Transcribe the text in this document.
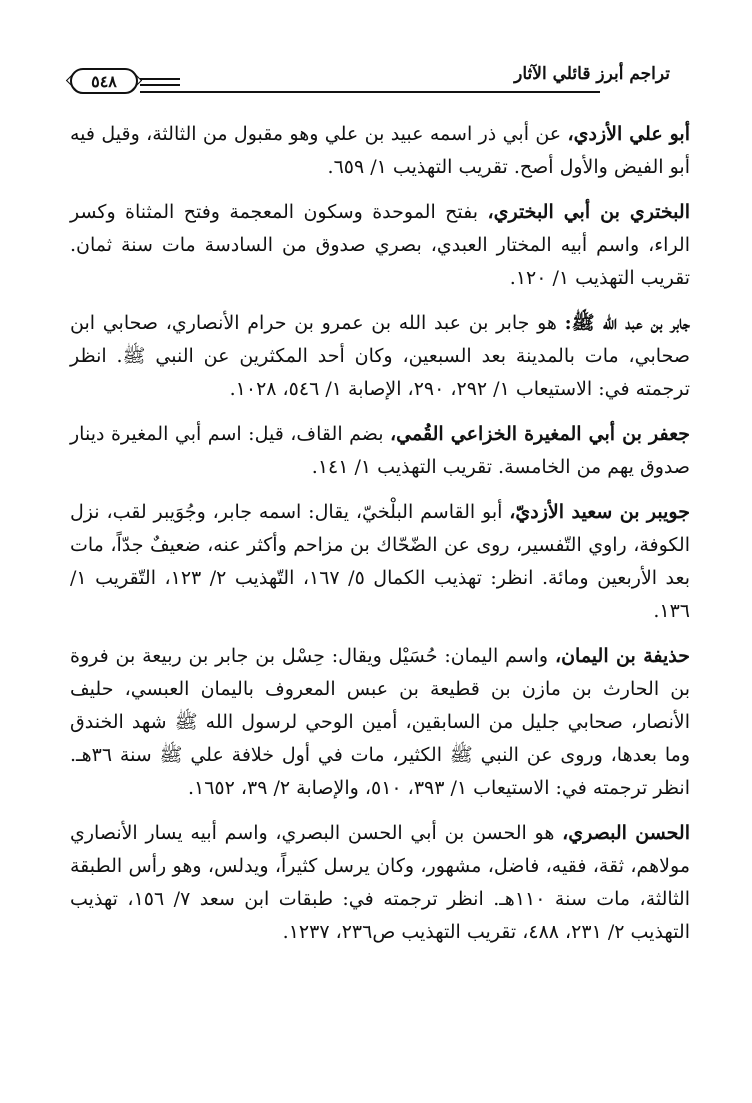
تراجم أبرز قائلي الآثار
٥٤٨

أبو علي الأزدي، عن أبي ذر اسمه عبيد بن علي وهو مقبول من الثالثة، وقيل فيه أبو الفيض والأول أصح. تقريب التهذيب ١/ ٦٥٩.

البختري بن أبي البختري، بفتح الموحدة وسكون المعجمة وفتح المثناة وكسر الراء، واسم أبيه المختار العبدي، بصري صدوق من السادسة مات سنة ثمان. تقريب التهذيب ١/ ١٢٠.

جابر بن عبد الله ﷺ: هو جابر بن عبد الله بن عمرو بن حرام الأنصاري، صحابي ابن صحابي، مات بالمدينة بعد السبعين، وكان أحد المكثرين عن النبي ﷺ. انظر ترجمته في: الاستيعاب ١/ ٢٩٢، ٢٩٠، الإصابة ١/ ٥٤٦، ١٠٢٨.

جعفر بن أبي المغيرة الخزاعي القُمي، بضم القاف، قيل: اسم أبي المغيرة دينار صدوق يهم من الخامسة. تقريب التهذيب ١/ ١٤١.

جويبر بن سعيد الأزديّ، أبو القاسم البلْخيّ، يقال: اسمه جابر، وجُوَيبر لقب، نزل الكوفة، راوي التّفسير، روى عن الضّحّاك بن مزاحم وأكثر عنه، ضعيفٌ جدّاً، مات بعد الأربعين ومائة. انظر: تهذيب الكمال ٥/ ١٦٧، التّهذيب ٢/ ١٢٣، التّقريب ١/ ١٣٦.

حذيفة بن اليمان، واسم اليمان: حُسَيْل ويقال: حِسْل بن جابر بن ربيعة بن فروة بن الحارث بن مازن بن قطيعة بن عبس المعروف باليمان العبسي، حليف الأنصار، صحابي جليل من السابقين، أمين الوحي لرسول الله ﷺ شهد الخندق وما بعدها، وروى عن النبي ﷺ الكثير، مات في أول خلافة علي ﷺ سنة ٣٦هـ. انظر ترجمته في: الاستيعاب ١/ ٣٩٣، ٥١٠، والإصابة ٢/ ٣٩، ١٦٥٢.

الحسن البصري، هو الحسن بن أبي الحسن البصري، واسم أبيه يسار الأنصاري مولاهم، ثقة، فقيه، فاضل، مشهور، وكان يرسل كثيراً، ويدلس، وهو رأس الطبقة الثالثة، مات سنة ١١٠هـ. انظر ترجمته في: طبقات ابن سعد ٧/ ١٥٦، تهذيب التهذيب ٢/ ٢٣١، ٤٨٨، تقريب التهذيب ص٢٣٦، ١٢٣٧.
